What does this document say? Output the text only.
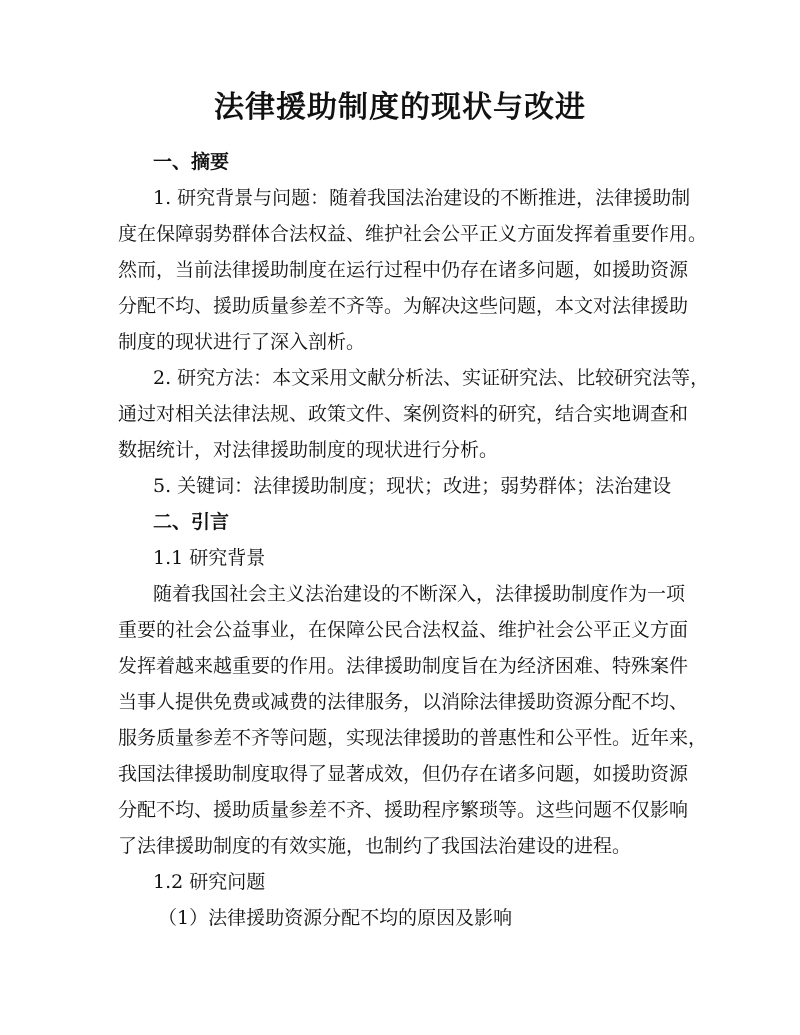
法律援助制度的现状与改进
一、摘要
1. 研究背景与问题：随着我国法治建设的不断推进，法律援助制
度在保障弱势群体合法权益、维护社会公平正义方面发挥着重要作用。
然而，当前法律援助制度在运行过程中仍存在诸多问题，如援助资源
分配不均、援助质量参差不齐等。为解决这些问题，本文对法律援助
制度的现状进行了深入剖析。
2. 研究方法：本文采用文献分析法、实证研究法、比较研究法等，
通过对相关法律法规、政策文件、案例资料的研究，结合实地调查和
数据统计，对法律援助制度的现状进行分析。
5. 关键词：法律援助制度；现状；改进；弱势群体；法治建设
二、引言
1.1 研究背景
随着我国社会主义法治建设的不断深入，法律援助制度作为一项
重要的社会公益事业，在保障公民合法权益、维护社会公平正义方面
发挥着越来越重要的作用。法律援助制度旨在为经济困难、特殊案件
当事人提供免费或减费的法律服务，以消除法律援助资源分配不均、
服务质量参差不齐等问题，实现法律援助的普惠性和公平性。近年来，
我国法律援助制度取得了显著成效，但仍存在诸多问题，如援助资源
分配不均、援助质量参差不齐、援助程序繁琐等。这些问题不仅影响
了法律援助制度的有效实施，也制约了我国法治建设的进程。
1.2 研究问题
（1）法律援助资源分配不均的原因及影响
